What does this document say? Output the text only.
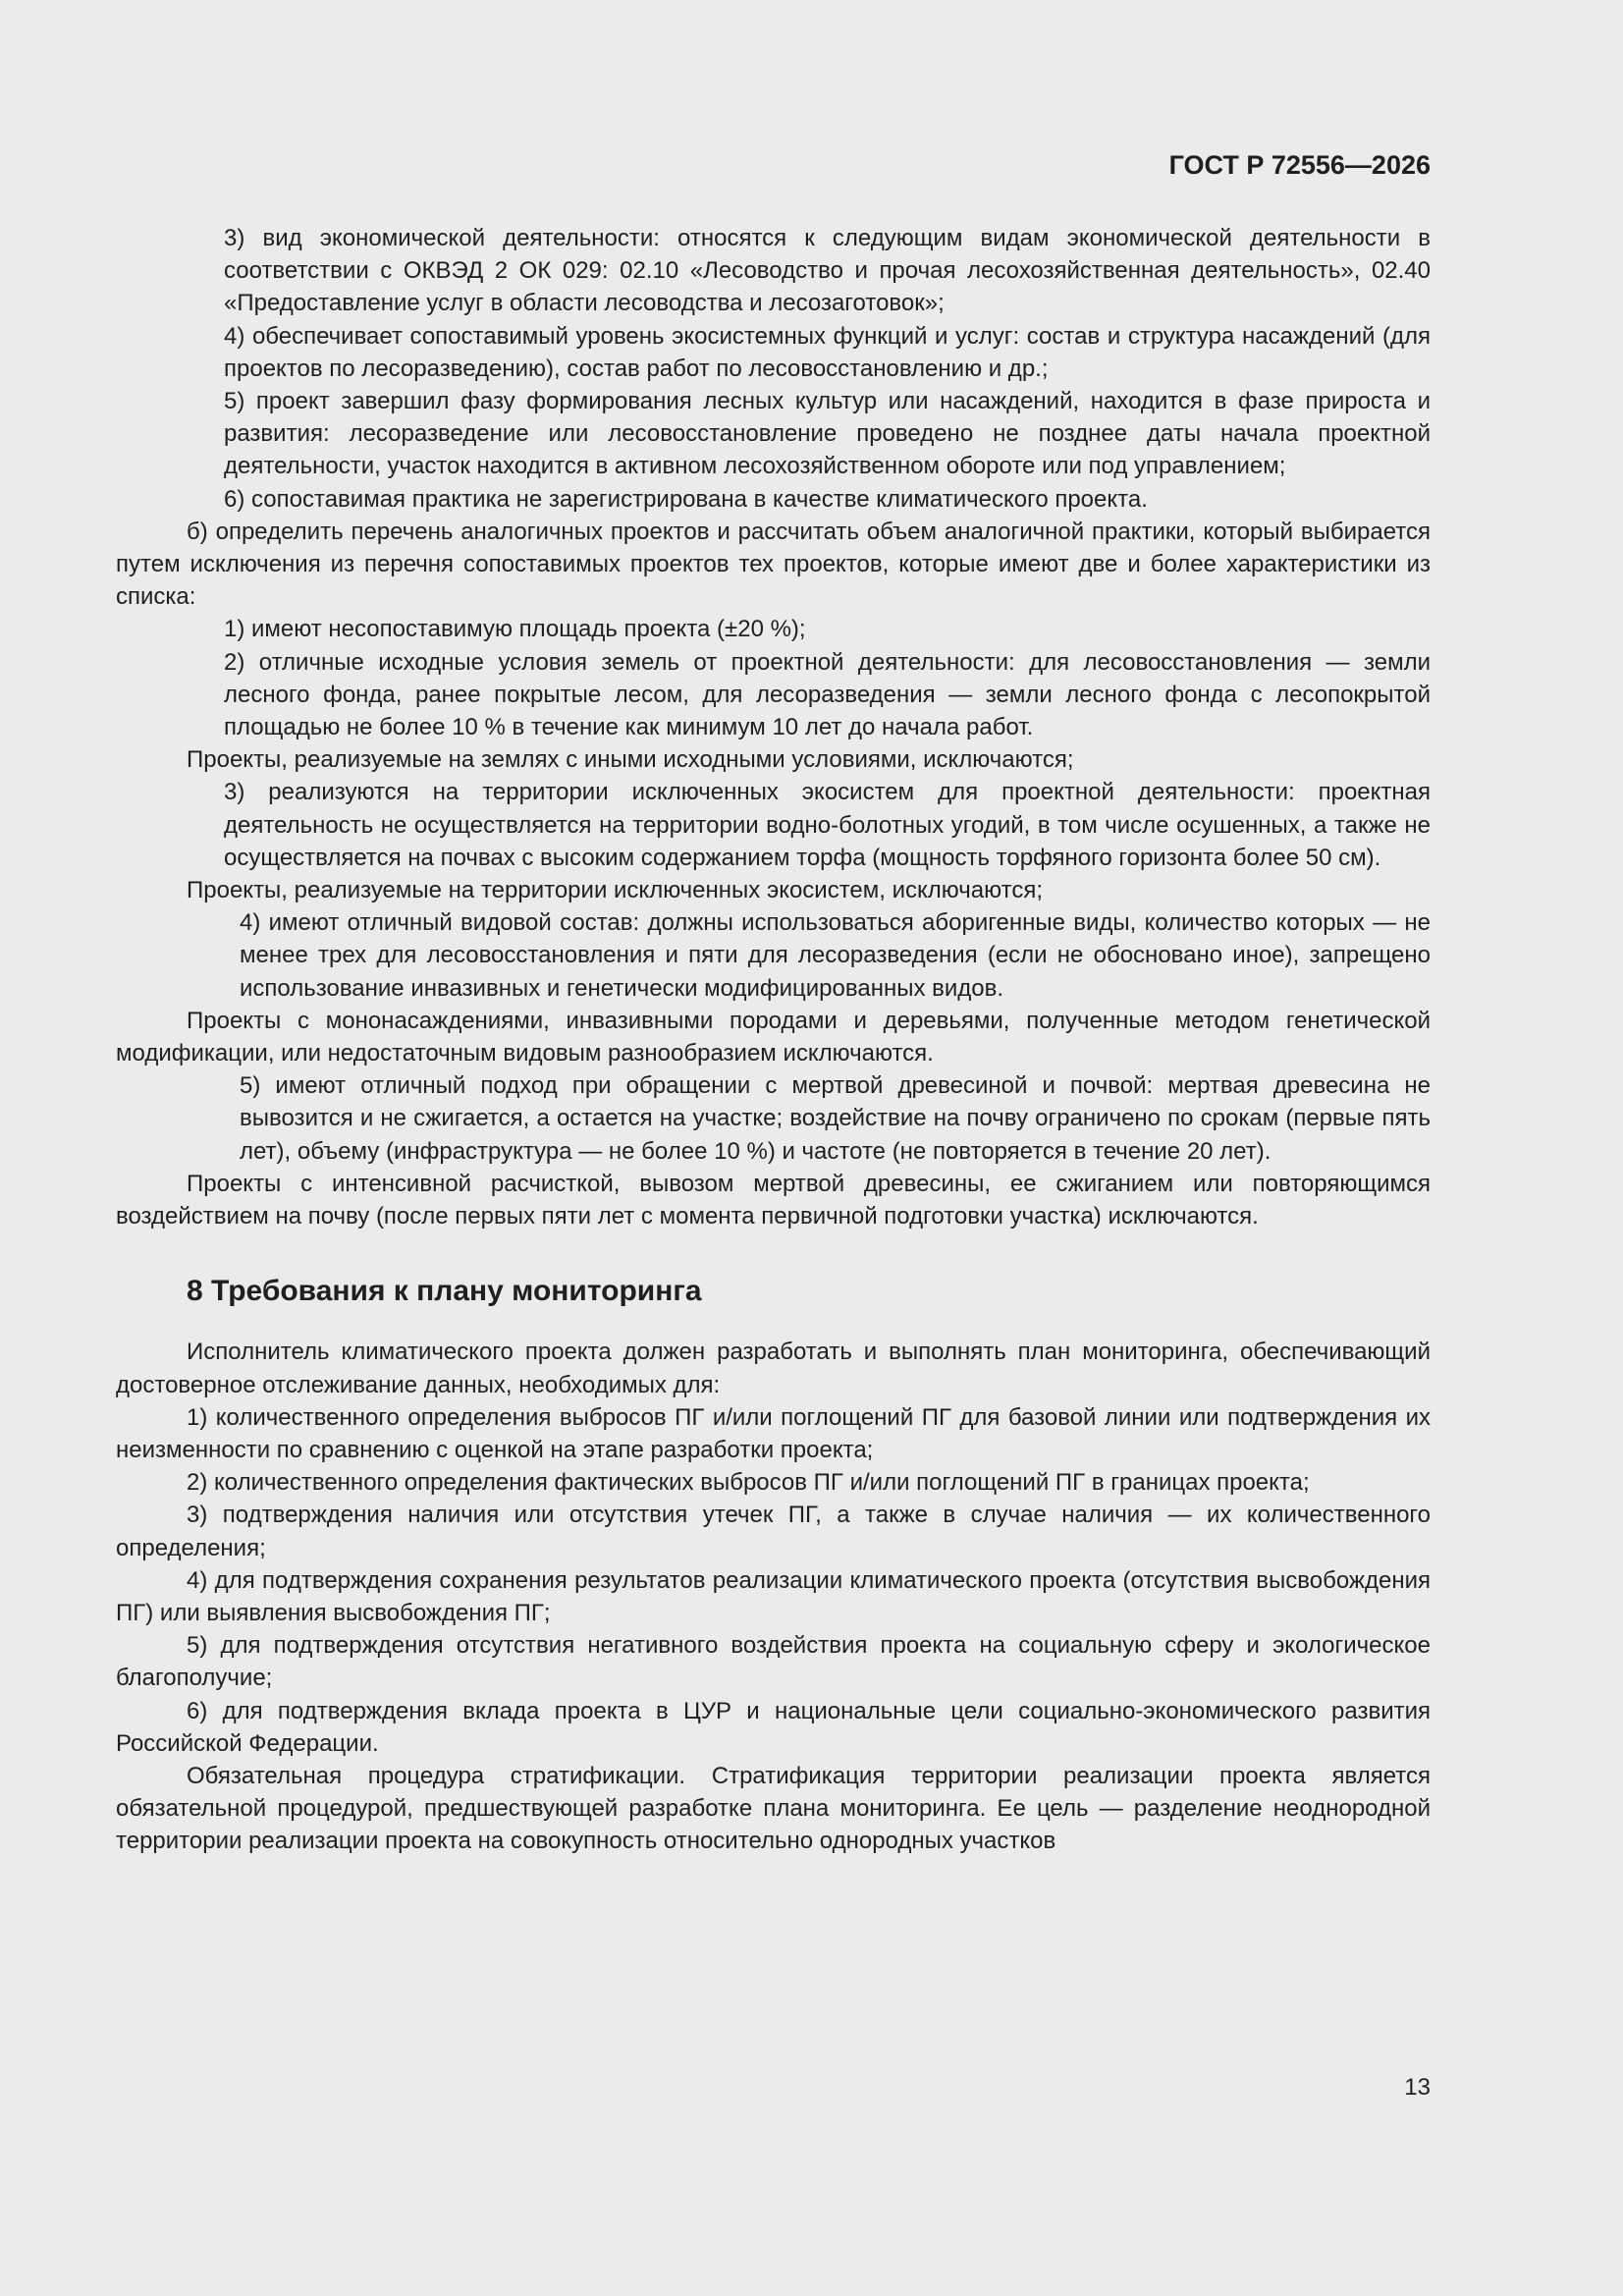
ГОСТ Р 72556—2026

3) вид экономической деятельности: относятся к следующим видам экономической деятельности в соответствии с ОКВЭД 2 ОК 029: 02.10 «Лесоводство и прочая лесохозяйственная деятельность», 02.40 «Предоставление услуг в области лесоводства и лесозаготовок»;

4) обеспечивает сопоставимый уровень экосистемных функций и услуг: состав и структура насаждений (для проектов по лесоразведению), состав работ по лесовосстановлению и др.;

5) проект завершил фазу формирования лесных культур или насаждений, находится в фазе прироста и развития: лесоразведение или лесовосстановление проведено не позднее даты начала проектной деятельности, участок находится в активном лесохозяйственном обороте или под управлением;

6) сопоставимая практика не зарегистрирована в качестве климатического проекта.

б) определить перечень аналогичных проектов и рассчитать объем аналогичной практики, который выбирается путем исключения из перечня сопоставимых проектов тех проектов, которые имеют две и более характеристики из списка:

1) имеют несопоставимую площадь проекта (±20 %);

2) отличные исходные условия земель от проектной деятельности: для лесовосстановления — земли лесного фонда, ранее покрытые лесом, для лесоразведения — земли лесного фонда с лесопокрытой площадью не более 10 % в течение как минимум 10 лет до начала работ.

Проекты, реализуемые на землях с иными исходными условиями, исключаются;

3) реализуются на территории исключенных экосистем для проектной деятельности: проектная деятельность не осуществляется на территории водно-болотных угодий, в том числе осушенных, а также не осуществляется на почвах с высоким содержанием торфа (мощность торфяного горизонта более 50 см).

Проекты, реализуемые на территории исключенных экосистем, исключаются;

4) имеют отличный видовой состав: должны использоваться аборигенные виды, количество которых — не менее трех для лесовосстановления и пяти для лесоразведения (если не обосновано иное), запрещено использование инвазивных и генетически модифицированных видов.

Проекты с мононасаждениями, инвазивными породами и деревьями, полученные методом генетической модификации, или недостаточным видовым разнообразием исключаются.

5) имеют отличный подход при обращении с мертвой древесиной и почвой: мертвая древесина не вывозится и не сжигается, а остается на участке; воздействие на почву ограничено по срокам (первые пять лет), объему (инфраструктура — не более 10 %) и частоте (не повторяется в течение 20 лет).

Проекты с интенсивной расчисткой, вывозом мертвой древесины, ее сжиганием или повторяющимся воздействием на почву (после первых пяти лет с момента первичной подготовки участка) исключаются.

8 Требования к плану мониторинга

Исполнитель климатического проекта должен разработать и выполнять план мониторинга, обеспечивающий достоверное отслеживание данных, необходимых для:

1) количественного определения выбросов ПГ и/или поглощений ПГ для базовой линии или подтверждения их неизменности по сравнению с оценкой на этапе разработки проекта;

2) количественного определения фактических выбросов ПГ и/или поглощений ПГ в границах проекта;

3) подтверждения наличия или отсутствия утечек ПГ, а также в случае наличия — их количественного определения;

4) для подтверждения сохранения результатов реализации климатического проекта (отсутствия высвобождения ПГ) или выявления высвобождения ПГ;

5) для подтверждения отсутствия негативного воздействия проекта на социальную сферу и экологическое благополучие;

6) для подтверждения вклада проекта в ЦУР и национальные цели социально-экономического развития Российской Федерации.

Обязательная процедура стратификации. Стратификация территории реализации проекта является обязательной процедурой, предшествующей разработке плана мониторинга. Ее цель — разделение неоднородной территории реализации проекта на совокупность относительно однородных участков

13
